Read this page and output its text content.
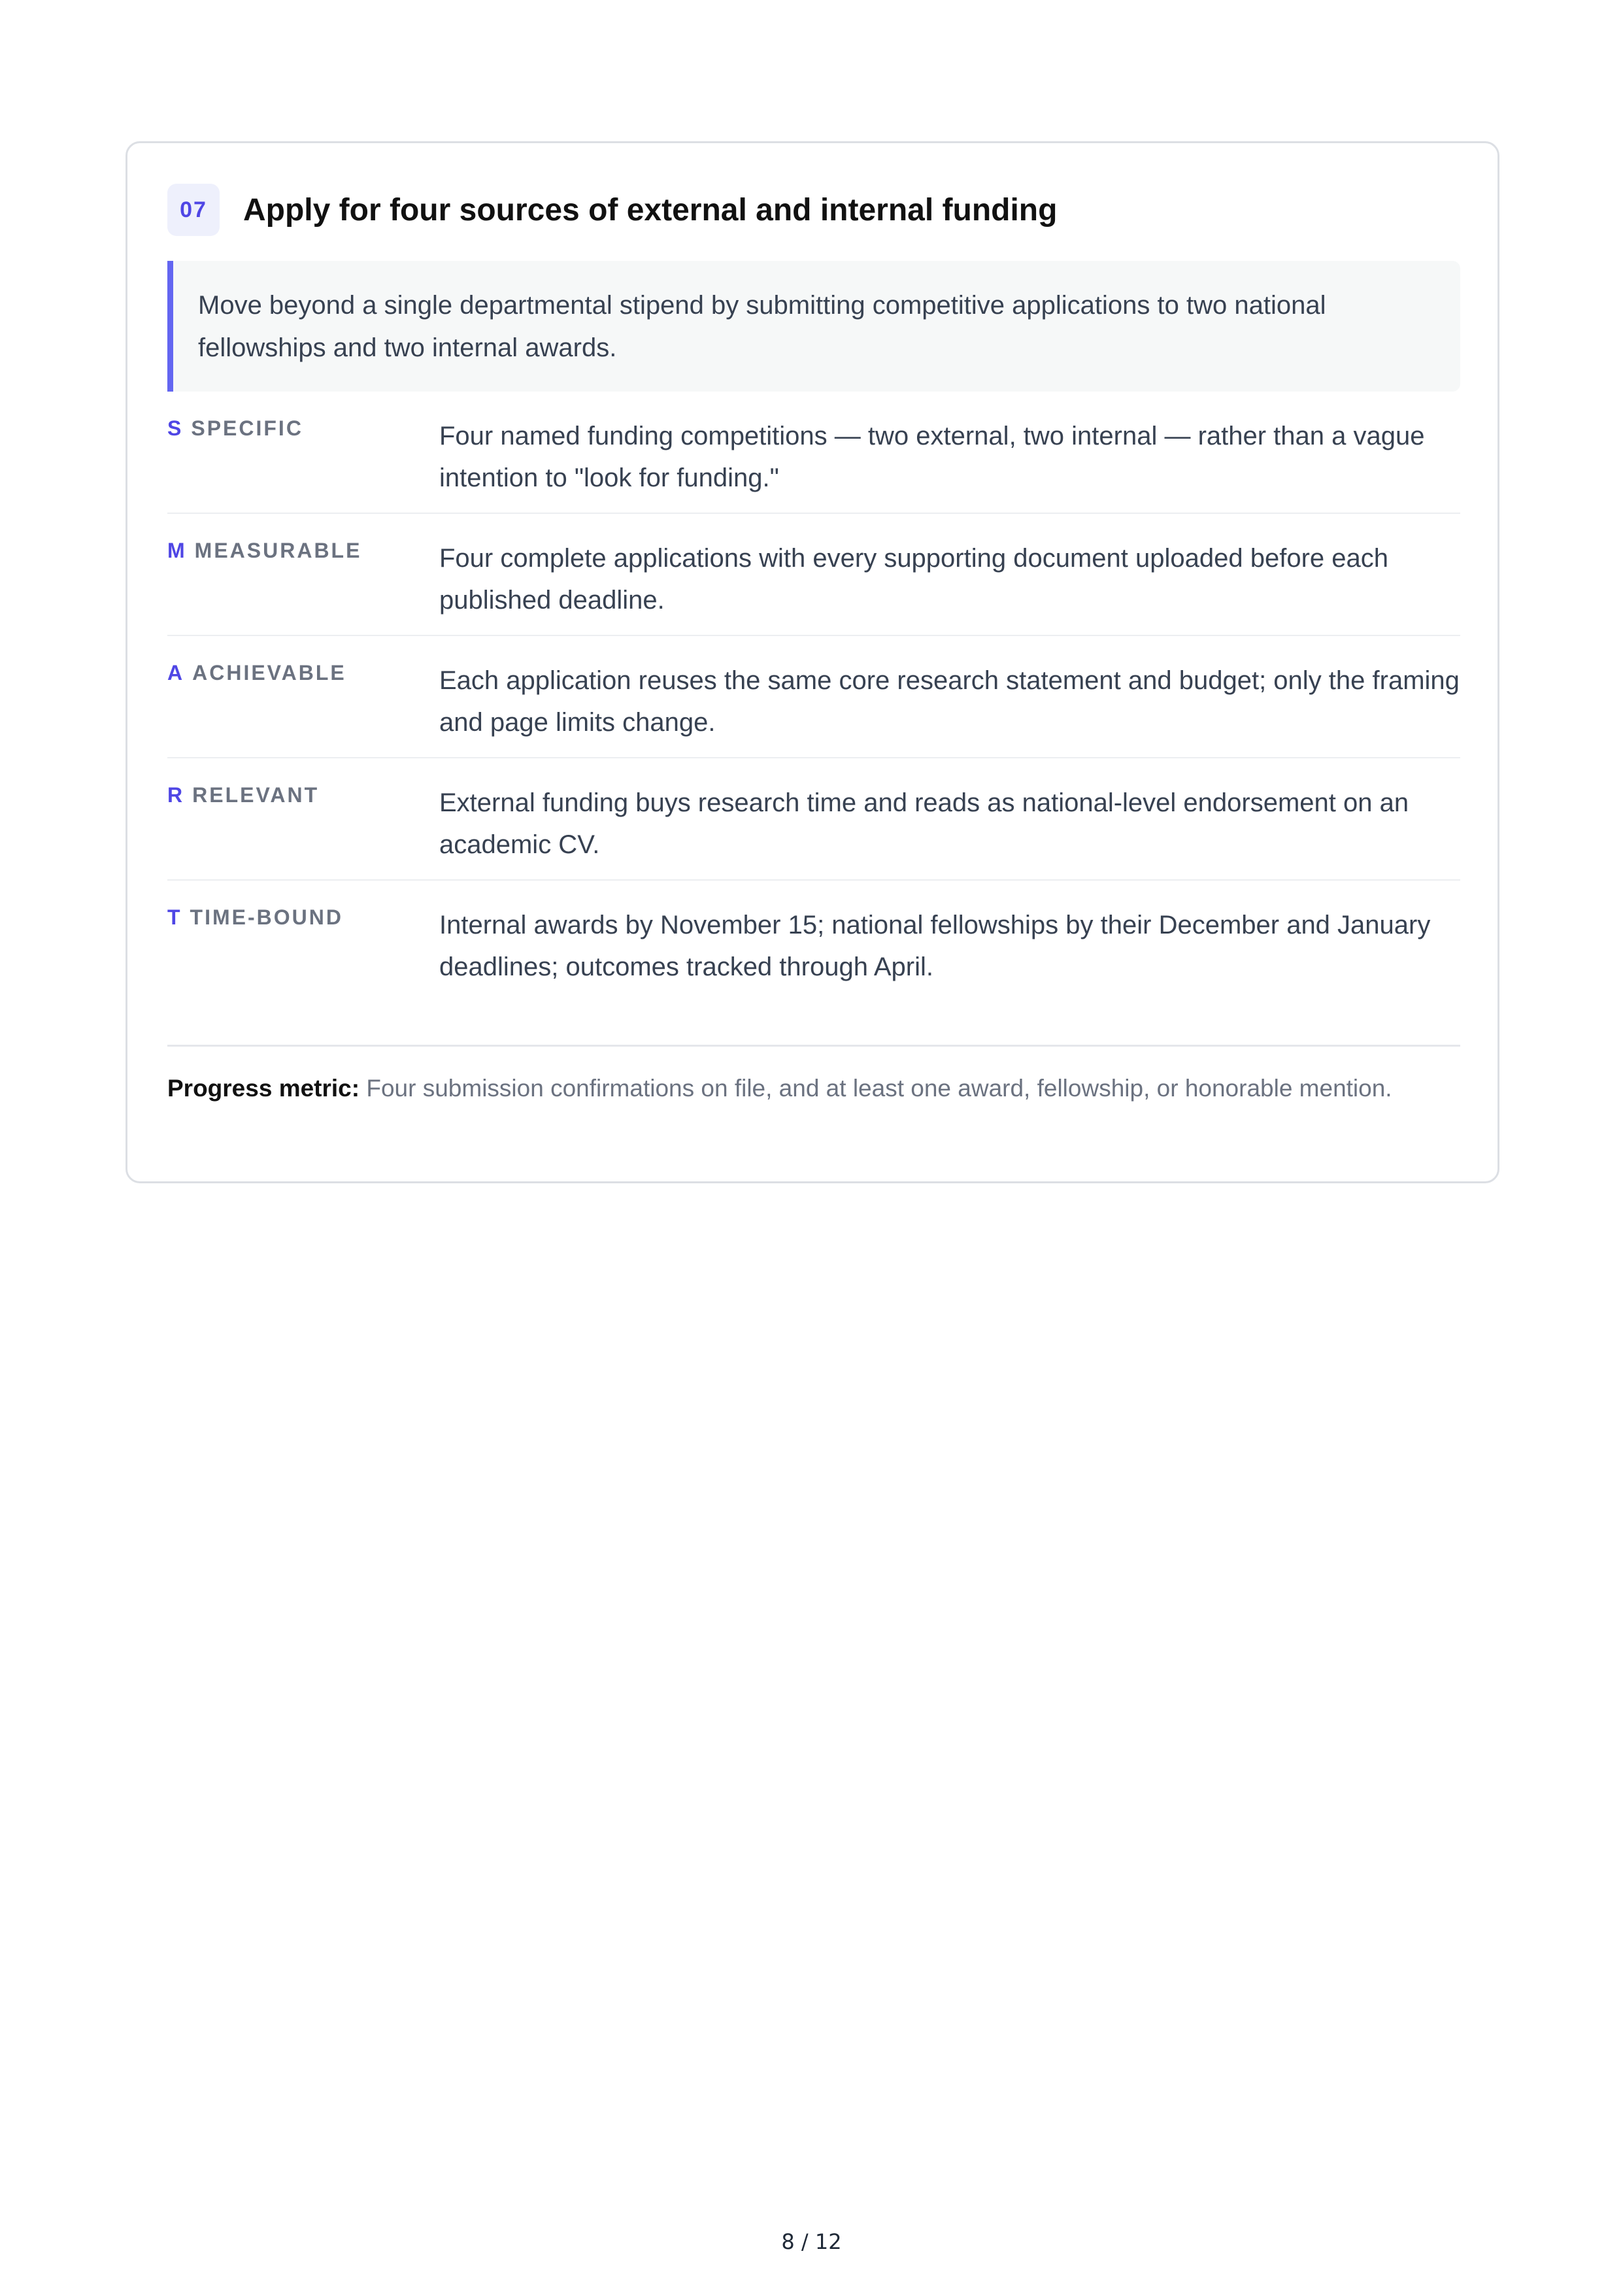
07	Apply for four sources of external and internal funding
Move beyond a single departmental stipend by submitting competitive applications to two national fellowships and two internal awards.
S SPECIFIC	Four named funding competitions — two external, two internal — rather than a vague intention to "look for funding."
M MEASURABLE	Four complete applications with every supporting document uploaded before each published deadline.
A ACHIEVABLE	Each application reuses the same core research statement and budget; only the framing and page limits change.
R RELEVANT	External funding buys research time and reads as national-level endorsement on an academic CV.
T TIME-BOUND	Internal awards by November 15; national fellowships by their December and January deadlines; outcomes tracked through April.
Progress metric: Four submission confirmations on file, and at least one award, fellowship, or honorable mention.
8 / 12
